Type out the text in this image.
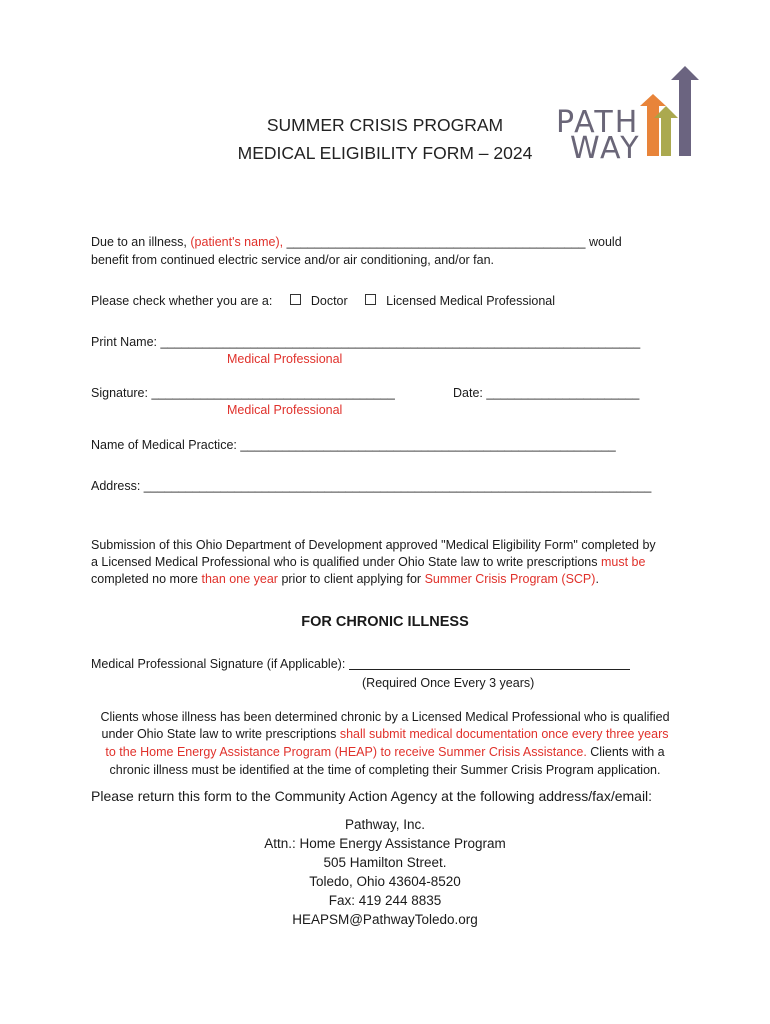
SUMMER CRISIS PROGRAM
MEDICAL ELIGIBILITY FORM – 2024
PATH
WAY
Due to an illness, (patient's name), ___________________________________________ would
benefit from continued electric service and/or air conditioning, and/or fan.
Please check whether you are a:	Doctor	Licensed Medical Professional
Print Name: _____________________________________________________________________
Medical Professional
Signature: ___________________________________	Date: ______________________
Medical Professional
Name of Medical Practice: ______________________________________________________
Address: _________________________________________________________________________
Submission of this Ohio Department of Development approved "Medical Eligibility Form" completed by
a Licensed Medical Professional who is qualified under Ohio State law to write prescriptions must be
completed no more than one year prior to client applying for Summer Crisis Program (SCP).
FOR CHRONIC ILLNESS
Medical Professional Signature (if Applicable):
(Required Once Every 3 years)
Clients whose illness has been determined chronic by a Licensed Medical Professional who is qualified
under Ohio State law to write prescriptions shall submit medical documentation once every three years
to the Home Energy Assistance Program (HEAP) to receive Summer Crisis Assistance. Clients with a
chronic illness must be identified at the time of completing their Summer Crisis Program application.
Please return this form to the Community Action Agency at the following address/fax/email:
Pathway, Inc.
Attn.: Home Energy Assistance Program
505 Hamilton Street.
Toledo, Ohio 43604-8520
Fax: 419 244 8835
HEAPSM@PathwayToledo.org
